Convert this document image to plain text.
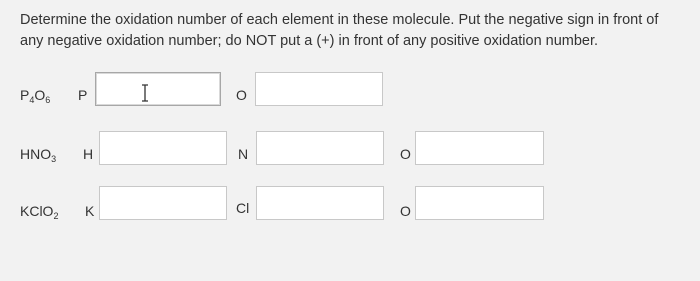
Determine the oxidation number of each element in these molecule. Put the negative sign in front of
any negative oxidation number; do NOT put a (+) in front of any positive oxidation number.
$P_4O_6$ P	O
$HNO_3$ H	N	O
KClO$_2$ K	Cl	O
